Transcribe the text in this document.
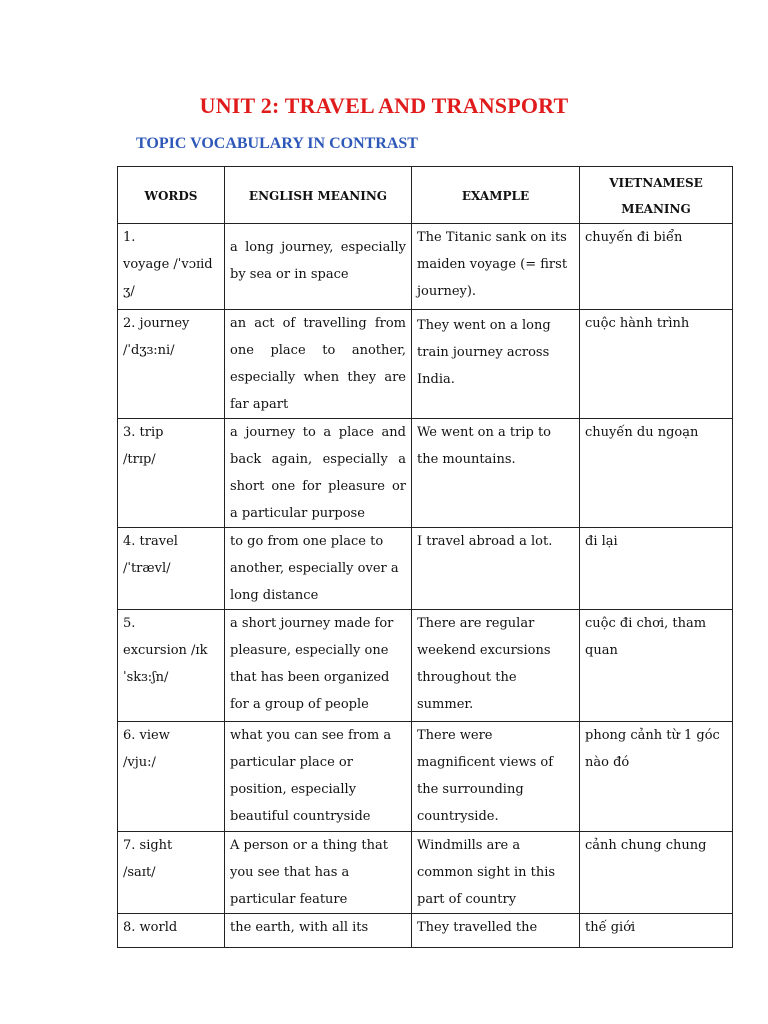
UNIT 2: TRAVEL AND TRANSPORT
TOPIC VOCABULARY IN CONTRAST
WORDS	ENGLISH MEANING	EXAMPLE	VIETNAMESE MEANING

1.
voyage /ˈvɔɪid
ʒ/	a long journey, especially by sea or in space	The Titanic sank on its maiden voyage (= first journey).	chuyến đi biển
2. journey
/ˈdʒɜ:ni/	an act of travelling from one place to another, especially when they are far apart	They went on a long train journey across India.	cuộc hành trình
3. trip
/trɪp/	a journey to a place and back again, especially a short one for pleasure or a particular purpose	We went on a trip to the mountains.	chuyến du ngoạn
4. travel
/ˈtrævl/	to go from one place to another, especially over a long distance	I travel abroad a lot.	đi lại
5.
excursion /ɪk
ˈskɜ:ʃn/	a short journey made for pleasure, especially one that has been organized for a group of people	There are regular weekend excursions throughout the summer.	cuộc đi chơi, tham quan
6. view
/vju:/	what you can see from a particular place or position, especially beautiful countryside	There were magnificent views of the surrounding countryside.	phong cảnh từ 1 góc nào đó
7. sight
/saɪt/	A person or a thing that you see that has a particular feature	Windmills are a common sight in this part of country	cảnh chung chung
8. world	the earth, with all its	They travelled the	thế giới
